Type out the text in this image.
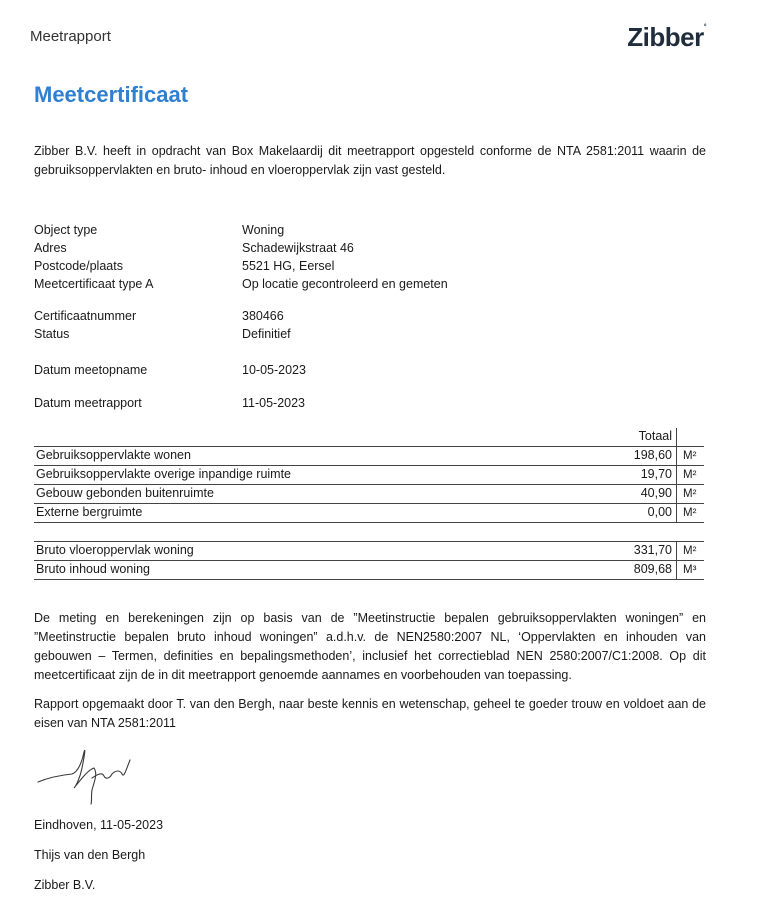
Meetrapport	Zibber°
Meetcertificaat
Zibber B.V. heeft in opdracht van Box Makelaardij dit meetrapport opgesteld conforme de NTA 2581:2011 waarin de gebruiksoppervlakten en bruto- inhoud en vloeroppervlak zijn vast gesteld.
Object type	Woning
Adres	Schadewijkstraat 46
Postcode/plaats	5521 HG, Eersel
Meetcertificaat type A	Op locatie gecontroleerd en gemeten
Certificaatnummer	380466
Status	Definitief
Datum meetopname	10-05-2023
Datum meetrapport	11-05-2023
Totaal
Gebruiksoppervlakte wonen	198,60 M²
Gebruiksoppervlakte overige inpandige ruimte	19,70 M²
Gebouw gebonden buitenruimte	40,90 M²
Externe bergruimte	0,00 M²
Bruto vloeroppervlak woning	331,70 M²
Bruto inhoud woning	809,68 M³
De meting en berekeningen zijn op basis van de ”Meetinstructie bepalen gebruiksoppervlakten woningen” en ”Meetinstructie bepalen bruto inhoud woningen” a.d.h.v. de NEN2580:2007 NL, ‘Oppervlakten en inhouden van gebouwen – Termen, definities en bepalingsmethoden’, inclusief het correctieblad NEN 2580:2007/C1:2008. Op dit meetcertificaat zijn de in dit meetrapport genoemde aannames en voorbehouden van toepassing.
Rapport opgemaakt door T. van den Bergh, naar beste kennis en wetenschap, geheel te goeder trouw en voldoet aan de eisen van NTA 2581:2011
Eindhoven, 11-05-2023
Thijs van den Bergh
Zibber B.V.
